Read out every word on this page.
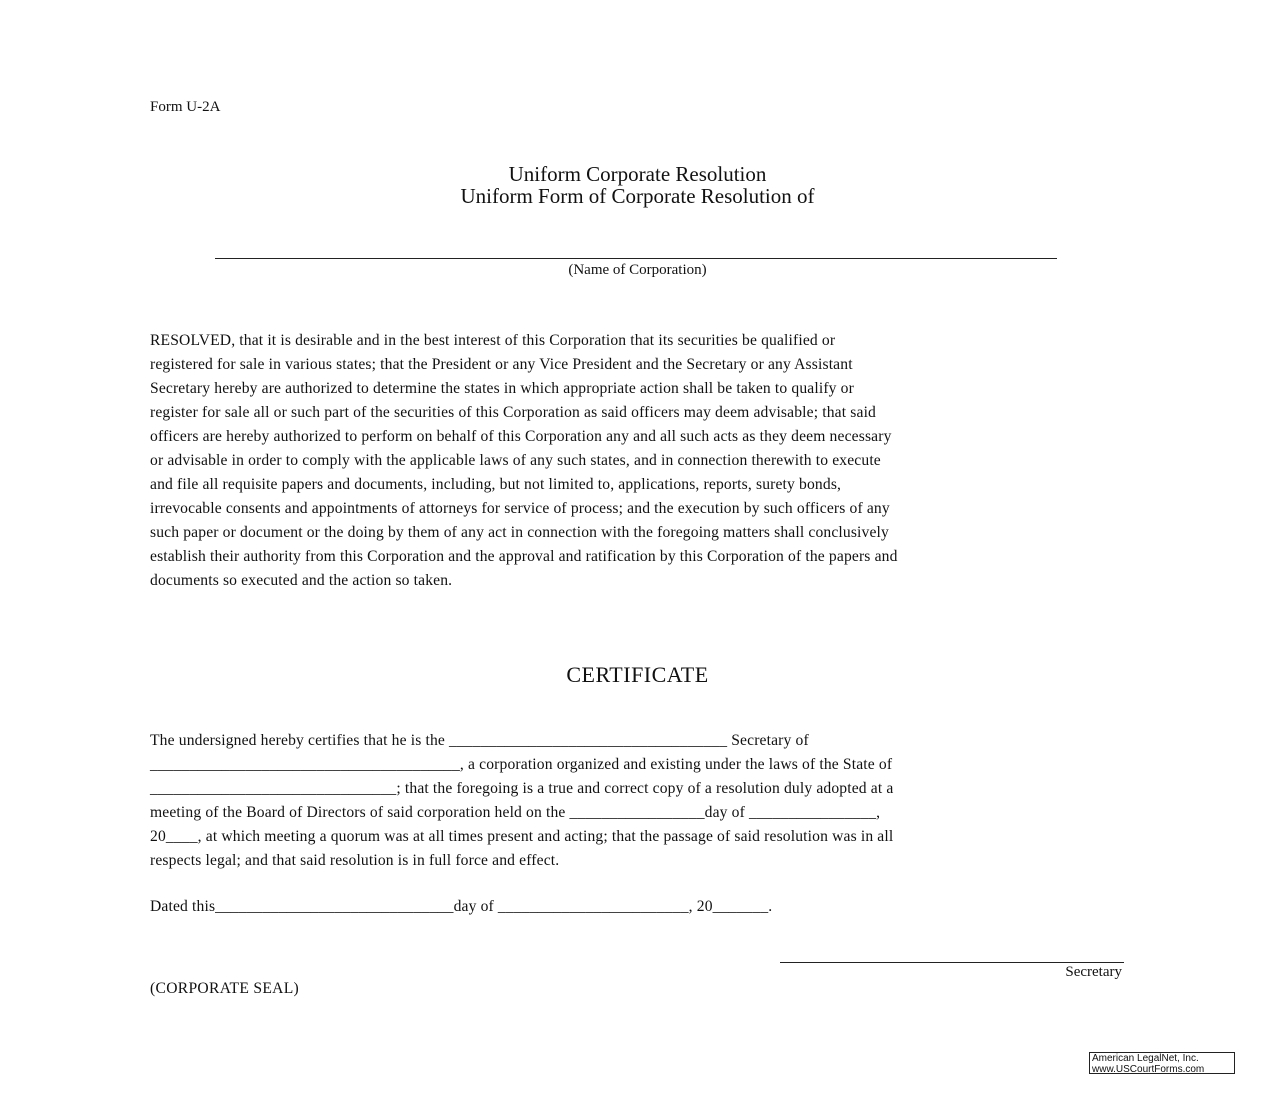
Form U-2A
Uniform Corporate Resolution
Uniform Form of Corporate Resolution of
(Name of Corporation)
RESOLVED, that it is desirable and in the best interest of this Corporation that its securities be qualified or
registered for sale in various states; that the President or any Vice President and the Secretary or any Assistant
Secretary hereby are authorized to determine the states in which appropriate action shall be taken to qualify or
register for sale all or such part of the securities of this Corporation as said officers may deem advisable; that said
officers are hereby authorized to perform on behalf of this Corporation any and all such acts as they deem necessary
or advisable in order to comply with the applicable laws of any such states, and in connection therewith to execute
and file all requisite papers and documents, including, but not limited to, applications, reports, surety bonds,
irrevocable consents and appointments of attorneys for service of process; and the execution by such officers of any
such paper or document or the doing by them of any act in connection with the foregoing matters shall conclusively
establish their authority from this Corporation and the approval and ratification by this Corporation of the papers and
documents so executed and the action so taken.
CERTIFICATE
The undersigned hereby certifies that he is the ___________________________________ Secretary of
_______________________________________, a corporation organized and existing under the laws of the State of
_______________________________; that the foregoing is a true and correct copy of a resolution duly adopted at a
meeting of the Board of Directors of said corporation held on the _________________day of ________________,
20____, at which meeting a quorum was at all times present and acting; that the passage of said resolution was in all
respects legal; and that said resolution is in full force and effect.
Dated this______________________________day of ________________________, 20_______.
Secretary
(CORPORATE SEAL)
American LegalNet, Inc.
www.USCourtForms.com
